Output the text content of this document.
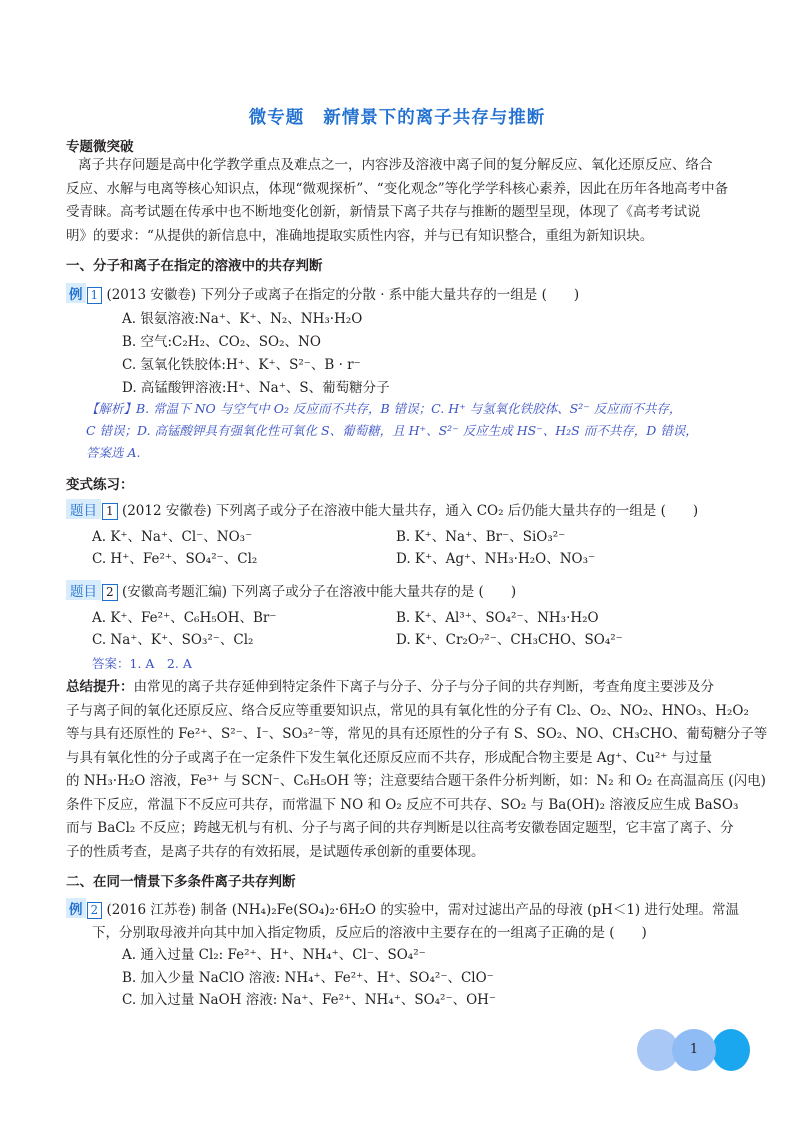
微专题 新情景下的离子共存与推断
专题微突破
离子共存问题是高中化学教学重点及难点之一，内容涉及溶液中离子间的复分解反应、氧化还原反应、络合
反应、水解与电离等核心知识点，体现“微观探析”、“变化观念”等化学学科核心素养，因此在历年各地高考中备
受青睐。高考试题在传承中也不断地变化创新，新情景下离子共存与推断的题型呈现，体现了《高考考试说
明》的要求：“从提供的新信息中，准确地提取实质性内容，并与已有知识整合，重组为新知识块。
一、分子和离子在指定的溶液中的共存判断
例 1 (2013 安徽卷) 下列分子或离子在指定的分散 · 系中能大量共存的一组是 (　　)
A. 银氨溶液:Na⁺、K⁺、N₂、NH₃·H₂O
B. 空气:C₂H₂、CO₂、SO₂、NO
C. 氢氧化铁胶体:H⁺、K⁺、S²⁻、B · r⁻
D. 高锰酸钾溶液:H⁺、Na⁺、S、葡萄糖分子
【解析】B. 常温下 NO 与空气中 O₂ 反应而不共存，B 错误；C. H⁺ 与氢氧化铁胶体、S²⁻ 反应而不共存，
C 错误；D. 高锰酸钾具有强氧化性可氧化 S、葡萄糖，且 H⁺、S²⁻ 反应生成 HS⁻、H₂S 而不共存，D 错误，
答案选 A.
变式练习：
题目 1 (2012 安徽卷) 下列离子或分子在溶液中能大量共存，通入 CO₂ 后仍能大量共存的一组是 (　　)
A. K⁺、Na⁺、Cl⁻、NO₃⁻	B. K⁺、Na⁺、Br⁻、SiO₃²⁻
C. H⁺、Fe²⁺、SO₄²⁻、Cl₂	D. K⁺、Ag⁺、NH₃·H₂O、NO₃⁻
题目 2 (安徽高考题汇编) 下列离子或分子在溶液中能大量共存的是 (　　)
A. K⁺、Fe²⁺、C₆H₅OH、Br⁻	B. K⁺、Al³⁺、SO₄²⁻、NH₃·H₂O
C. Na⁺、K⁺、SO₃²⁻、Cl₂	D. K⁺、Cr₂O₇²⁻、CH₃CHO、SO₄²⁻
答案：1. A　2. A
总结提升：由常见的离子共存延伸到特定条件下离子与分子、分子与分子间的共存判断，考查角度主要涉及分
子与离子间的氧化还原反应、络合反应等重要知识点，常见的具有氧化性的分子有 Cl₂、O₂、NO₂、HNO₃、H₂O₂
等与具有还原性的 Fe²⁺、S²⁻、I⁻、SO₃²⁻等，常见的具有还原性的分子有 S、SO₂、NO、CH₃CHO、葡萄糖分子等
与具有氧化性的分子或离子在一定条件下发生氧化还原反应而不共存，形成配合物主要是 Ag⁺、Cu²⁺ 与过量
的 NH₃·H₂O 溶液，Fe³⁺ 与 SCN⁻、C₆H₅OH 等；注意要结合题干条件分析判断，如：N₂ 和 O₂ 在高温高压 (闪电)
条件下反应，常温下不反应可共存，而常温下 NO 和 O₂ 反应不可共存、SO₂ 与 Ba(OH)₂ 溶液反应生成 BaSO₃
而与 BaCl₂ 不反应；跨越无机与有机、分子与离子间的共存判断是以往高考安徽卷固定题型，它丰富了离子、分
子的性质考查，是离子共存的有效拓展，是试题传承创新的重要体现。
二、在同一情景下多条件离子共存判断
例 2 (2016 江苏卷) 制备 (NH₄)₂Fe(SO₄)₂·6H₂O 的实验中，需对过滤出产品的母液 (pH＜1) 进行处理。常温
下，分别取母液并向其中加入指定物质，反应后的溶液中主要存在的一组离子正确的是 (　　)
A. 通入过量 Cl₂: Fe²⁺、H⁺、NH₄⁺、Cl⁻、SO₄²⁻
B. 加入少量 NaClO 溶液: NH₄⁺、Fe²⁺、H⁺、SO₄²⁻、ClO⁻
C. 加入过量 NaOH 溶液: Na⁺、Fe²⁺、NH₄⁺、SO₄²⁻、OH⁻
1
